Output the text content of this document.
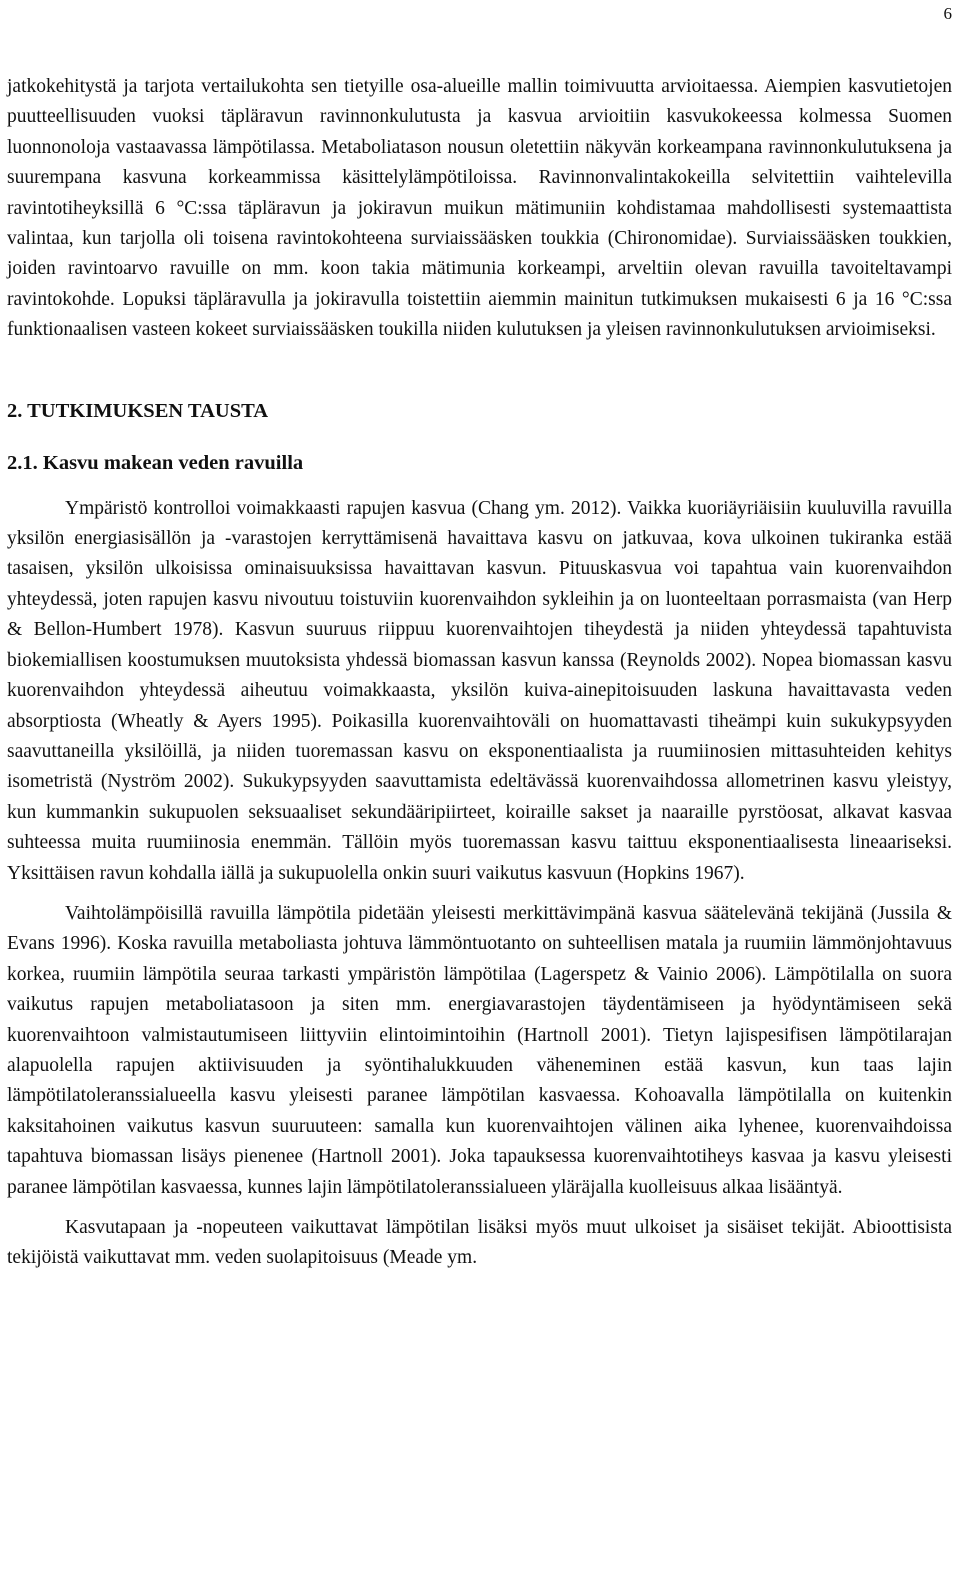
6

jatkokehitystä ja tarjota vertailukohta sen tietyille osa-alueille mallin toimivuutta arvioitaessa. Aiempien kasvutietojen puutteellisuuden vuoksi täpläravun ravinnonkulutusta ja kasvua arvioitiin kasvukokeessa kolmessa Suomen luonnonoloja vastaavassa lämpötilassa. Metaboliatason nousun oletettiin näkyvän korkeampana ravinnonkulutuksena ja suurempana kasvuna korkeammissa käsittelylämpötiloissa. Ravinnonvalintakokeilla selvitettiin vaihtelevilla ravintotiheyksillä 6 °C:ssa täpläravun ja jokiravun muikun mätimuniin kohdistamaa mahdollisesti systemaattista valintaa, kun tarjolla oli toisena ravintokohteena surviaissääsken toukkia (Chironomidae). Surviaissääsken toukkien, joiden ravintoarvo ravuille on mm. koon takia mätimunia korkeampi, arveltiin olevan ravuilla tavoiteltavampi ravintokohde. Lopuksi täpläravulla ja jokiravulla toistettiin aiemmin mainitun tutkimuksen mukaisesti 6 ja 16 °C:ssa funktionaalisen vasteen kokeet surviaissääsken toukilla niiden kulutuksen ja yleisen ravinnonkulutuksen arvioimiseksi.

2. TUTKIMUKSEN TAUSTA
2.1. Kasvu makean veden ravuilla

Ympäristö kontrolloi voimakkaasti rapujen kasvua (Chang ym. 2012). Vaikka kuoriäyriäisiin kuuluvilla ravuilla yksilön energiasisällön ja -varastojen kerryttämisenä havaittava kasvu on jatkuvaa, kova ulkoinen tukiranka estää tasaisen, yksilön ulkoisissa ominaisuuksissa havaittavan kasvun. Pituuskasvua voi tapahtua vain kuorenvaihdon yhteydessä, joten rapujen kasvu nivoutuu toistuviin kuorenvaihdon sykleihin ja on luonteeltaan porrasmaista (van Herp & Bellon-Humbert 1978). Kasvun suuruus riippuu kuorenvaihtojen tiheydestä ja niiden yhteydessä tapahtuvista biokemiallisen koostumuksen muutoksista yhdessä biomassan kasvun kanssa (Reynolds 2002). Nopea biomassan kasvu kuorenvaihdon yhteydessä aiheutuu voimakkaasta, yksilön kuiva-ainepitoisuuden laskuna havaittavasta veden absorptiosta (Wheatly & Ayers 1995). Poikasilla kuorenvaihtoväli on huomattavasti tiheämpi kuin sukukypsyyden saavuttaneilla yksilöillä, ja niiden tuoremassan kasvu on eksponentiaalista ja ruumiinosien mittasuhteiden kehitys isometristä (Nyström 2002). Sukukypsyyden saavuttamista edeltävässä kuorenvaihdossa allometrinen kasvu yleistyy, kun kummankin sukupuolen seksuaaliset sekundääripiirteet, koiraille sakset ja naaraille pyrstöosat, alkavat kasvaa suhteessa muita ruumiinosia enemmän. Tällöin myös tuoremassan kasvu taittuu eksponentiaalisesta lineaariseksi. Yksittäisen ravun kohdalla iällä ja sukupuolella onkin suuri vaikutus kasvuun (Hopkins 1967).

Vaihtolämpöisillä ravuilla lämpötila pidetään yleisesti merkittävimpänä kasvua säätelevänä tekijänä (Jussila & Evans 1996). Koska ravuilla metaboliasta johtuva lämmöntuotanto on suhteellisen matala ja ruumiin lämmönjohtavuus korkea, ruumiin lämpötila seuraa tarkasti ympäristön lämpötilaa (Lagerspetz & Vainio 2006). Lämpötilalla on suora vaikutus rapujen metaboliatasoon ja siten mm. energiavarastojen täydentämiseen ja hyödyntämiseen sekä kuorenvaihtoon valmistautumiseen liittyviin elintoimintoihin (Hartnoll 2001). Tietyn lajispesifisen lämpötilarajan alapuolella rapujen aktiivisuuden ja syöntihalukkuuden väheneminen estää kasvun, kun taas lajin lämpötilatoleranssialueella kasvu yleisesti paranee lämpötilan kasvaessa. Kohoavalla lämpötilalla on kuitenkin kaksitahoinen vaikutus kasvun suuruuteen: samalla kun kuorenvaihtojen välinen aika lyhenee, kuorenvaihdoissa tapahtuva biomassan lisäys pienenee (Hartnoll 2001). Joka tapauksessa kuorenvaihtotiheys kasvaa ja kasvu yleisesti paranee lämpötilan kasvaessa, kunnes lajin lämpötilatoleranssialueen yläräjalla kuolleisuus alkaa lisääntyä.

Kasvutapaan ja -nopeuteen vaikuttavat lämpötilan lisäksi myös muut ulkoiset ja sisäiset tekijät. Abioottisista tekijöistä vaikuttavat mm. veden suolapitoisuus (Meade ym.
